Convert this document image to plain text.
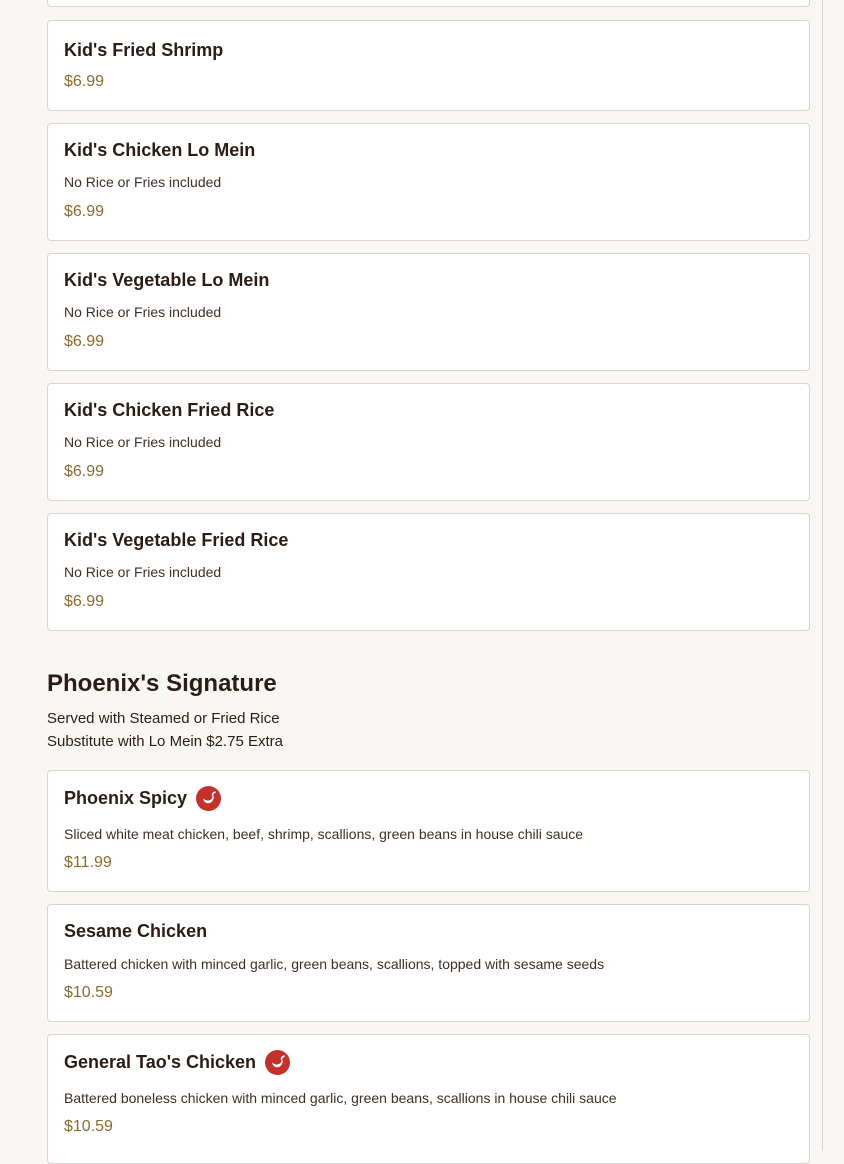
Kid's Fried Shrimp
$6.99
Kid's Chicken Lo Mein
No Rice or Fries included
$6.99
Kid's Vegetable Lo Mein
No Rice or Fries included
$6.99
Kid's Chicken Fried Rice
No Rice or Fries included
$6.99
Kid's Vegetable Fried Rice
No Rice or Fries included
$6.99
Phoenix's Signature
Served with Steamed or Fried Rice
Substitute with Lo Mein $2.75 Extra
Phoenix Spicy
Sliced white meat chicken, beef, shrimp, scallions, green beans in house chili sauce
$11.99
Sesame Chicken
Battered chicken with minced garlic, green beans, scallions, topped with sesame seeds
$10.59
General Tao's Chicken
Battered boneless chicken with minced garlic, green beans, scallions in house chili sauce
$10.59
